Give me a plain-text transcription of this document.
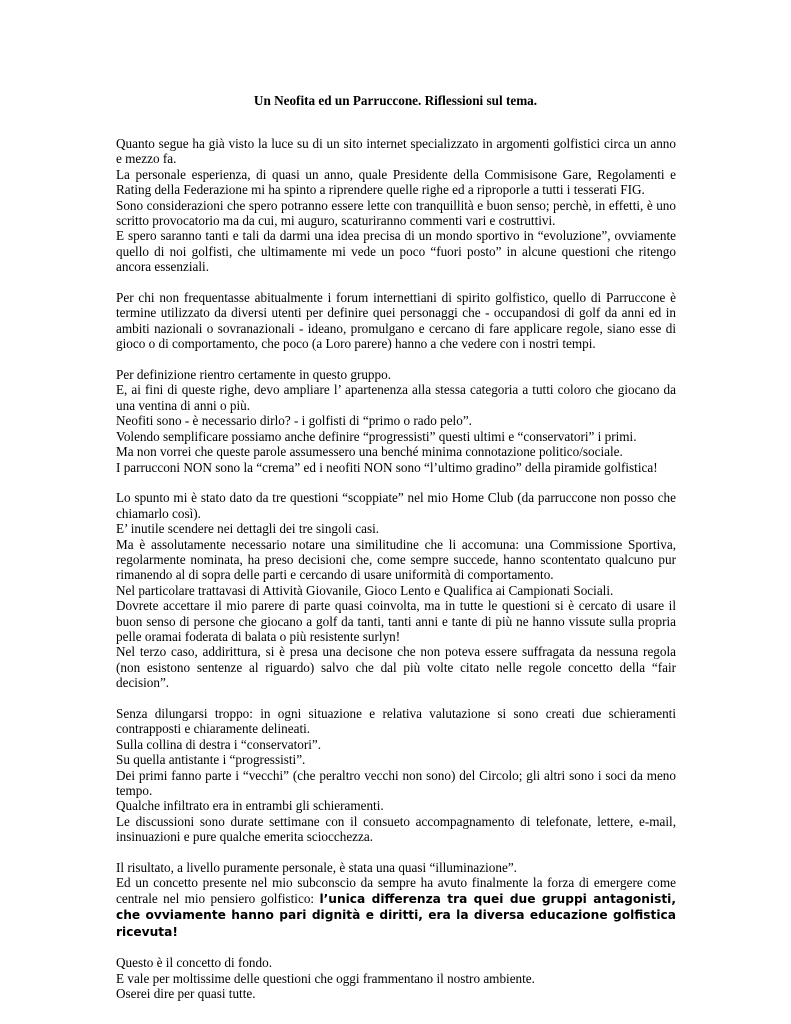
Un Neofita ed un Parruccone. Riflessioni sul tema.

Quanto segue ha già visto la luce su di un sito internet specializzato in argomenti golfistici circa un anno e mezzo fa.
La personale esperienza, di quasi un anno, quale Presidente della Commisisone Gare, Regolamenti e Rating della Federazione mi ha spinto a riprendere quelle righe ed a riproporle a tutti i tesserati FIG.
Sono considerazioni che spero potranno essere lette con tranquillità e buon senso; perchè, in effetti, è uno scritto provocatorio ma da cui, mi auguro, scaturiranno commenti vari e costruttivi.
E spero saranno tanti e tali da darmi una idea precisa di un mondo sportivo in “evoluzione”, ovviamente quello di noi golfisti, che ultimamente mi vede un poco “fuori posto” in alcune questioni che ritengo ancora essenziali.

Per chi non frequentasse abitualmente i forum internettiani di spirito golfistico, quello di Parruccone è termine utilizzato da diversi utenti per definire quei personaggi che - occupandosi di golf da anni ed in ambiti nazionali o sovranazionali - ideano, promulgano e cercano di fare applicare regole, siano esse di gioco o di comportamento, che poco (a Loro parere) hanno a che vedere con i nostri tempi.

Per definizione rientro certamente in questo gruppo.
E, ai fini di queste righe, devo ampliare l’ apartenenza alla stessa categoria a tutti coloro che giocano da una ventina di anni o più.
Neofiti sono - è necessario dirlo? - i golfisti di “primo o rado pelo”.
Volendo semplificare possiamo anche definire “progressisti” questi ultimi e “conservatori” i primi.
Ma non vorrei che queste parole assumessero una benché minima connotazione politico/sociale.
I parrucconi NON sono la “crema” ed i neofiti NON sono “l’ultimo gradino” della piramide golfistica!

Lo spunto mi è stato dato da tre questioni “scoppiate” nel mio Home Club (da parruccone non posso che chiamarlo così).
E’ inutile scendere nei dettagli dei tre singoli casi.
Ma è assolutamente necessario notare una similitudine che li accomuna: una Commissione Sportiva, regolarmente nominata, ha preso decisioni che, come sempre succede, hanno scontentato qualcuno pur rimanendo al di sopra delle parti e cercando di usare uniformità di comportamento.
Nel particolare trattavasi di Attività Giovanile, Gioco Lento e Qualifica ai Campionati Sociali.
Dovrete accettare il mio parere di parte quasi coinvolta, ma in tutte le questioni si è cercato di usare il buon senso di persone che giocano a golf da tanti, tanti anni e tante di più ne hanno vissute sulla propria pelle oramai foderata di balata o più resistente surlyn!
Nel terzo caso, addirittura, si è presa una decisone che non poteva essere suffragata da nessuna regola (non esistono sentenze al riguardo) salvo che dal più volte citato nelle regole concetto della “fair decision”.

Senza dilungarsi troppo: in ogni situazione e relativa valutazione si sono creati due schieramenti contrapposti e chiaramente delineati.
Sulla collina di destra i “conservatori”.
Su quella antistante i “progressisti”.
Dei primi fanno parte i “vecchi” (che peraltro vecchi non sono) del Circolo; gli altri sono i soci da meno tempo.
Qualche infiltrato era in entrambi gli schieramenti.
Le discussioni sono durate settimane con il consueto accompagnamento di telefonate, lettere, e-mail, insinuazioni e pure qualche emerita sciocchezza.

Il risultato, a livello puramente personale, è stata una quasi “illuminazione”.
Ed un concetto presente nel mio subconscio da sempre ha avuto finalmente la forza di emergere come centrale nel mio pensiero golfistico: l’unica differenza tra quei due gruppi antagonisti, che ovviamente hanno pari dignità e diritti, era la diversa educazione golfistica ricevuta!

Questo è il concetto di fondo.
E vale per moltissime delle questioni che oggi frammentano il nostro ambiente.
Oserei dire per quasi tutte.
